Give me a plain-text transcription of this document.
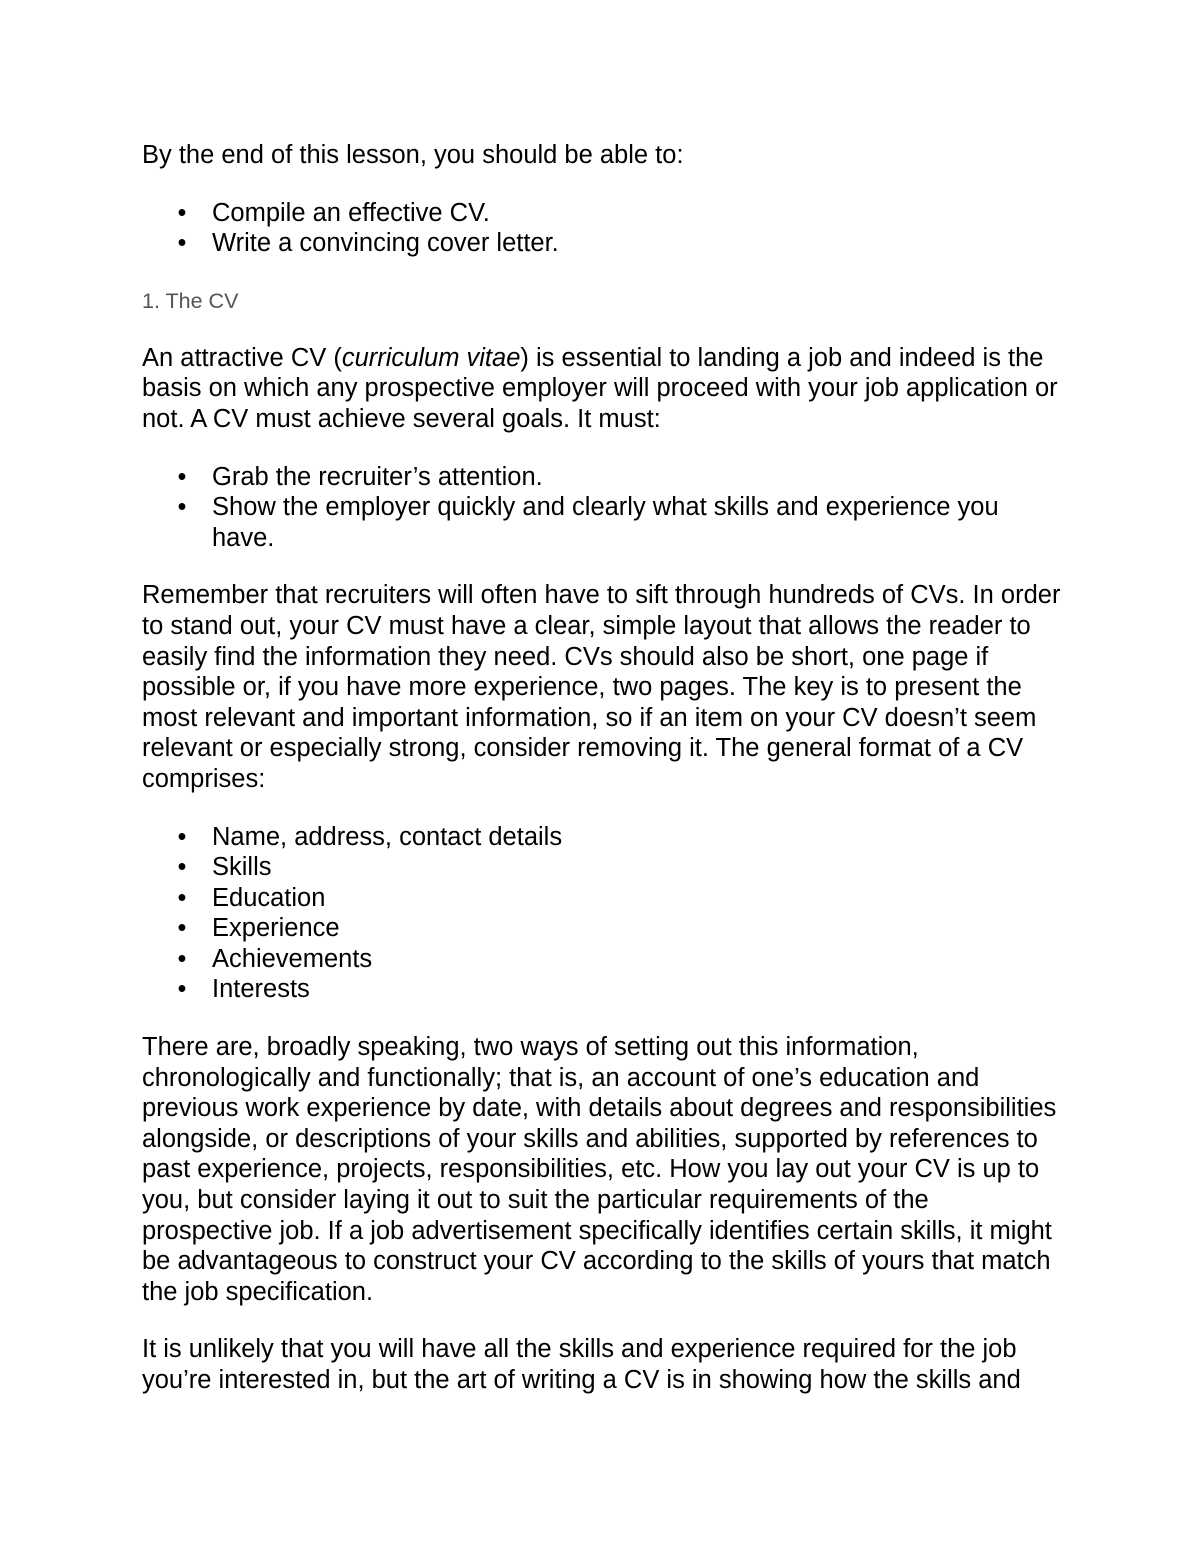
By the end of this lesson, you should be able to:

• Compile an effective CV.
• Write a convincing cover letter.

1. The CV

An attractive CV (curriculum vitae) is essential to landing a job and indeed is the basis on which any prospective employer will proceed with your job application or not. A CV must achieve several goals. It must:

• Grab the recruiter’s attention.
• Show the employer quickly and clearly what skills and experience you have.

Remember that recruiters will often have to sift through hundreds of CVs. In order to stand out, your CV must have a clear, simple layout that allows the reader to easily find the information they need. CVs should also be short, one page if possible or, if you have more experience, two pages. The key is to present the most relevant and important information, so if an item on your CV doesn’t seem relevant or especially strong, consider removing it. The general format of a CV comprises:

• Name, address, contact details
• Skills
• Education
• Experience
• Achievements
• Interests

There are, broadly speaking, two ways of setting out this information, chronologically and functionally; that is, an account of one’s education and previous work experience by date, with details about degrees and responsibilities alongside, or descriptions of your skills and abilities, supported by references to past experience, projects, responsibilities, etc. How you lay out your CV is up to you, but consider laying it out to suit the particular requirements of the prospective job. If a job advertisement specifically identifies certain skills, it might be advantageous to construct your CV according to the skills of yours that match the job specification.

It is unlikely that you will have all the skills and experience required for the job you’re interested in, but the art of writing a CV is in showing how the skills and
